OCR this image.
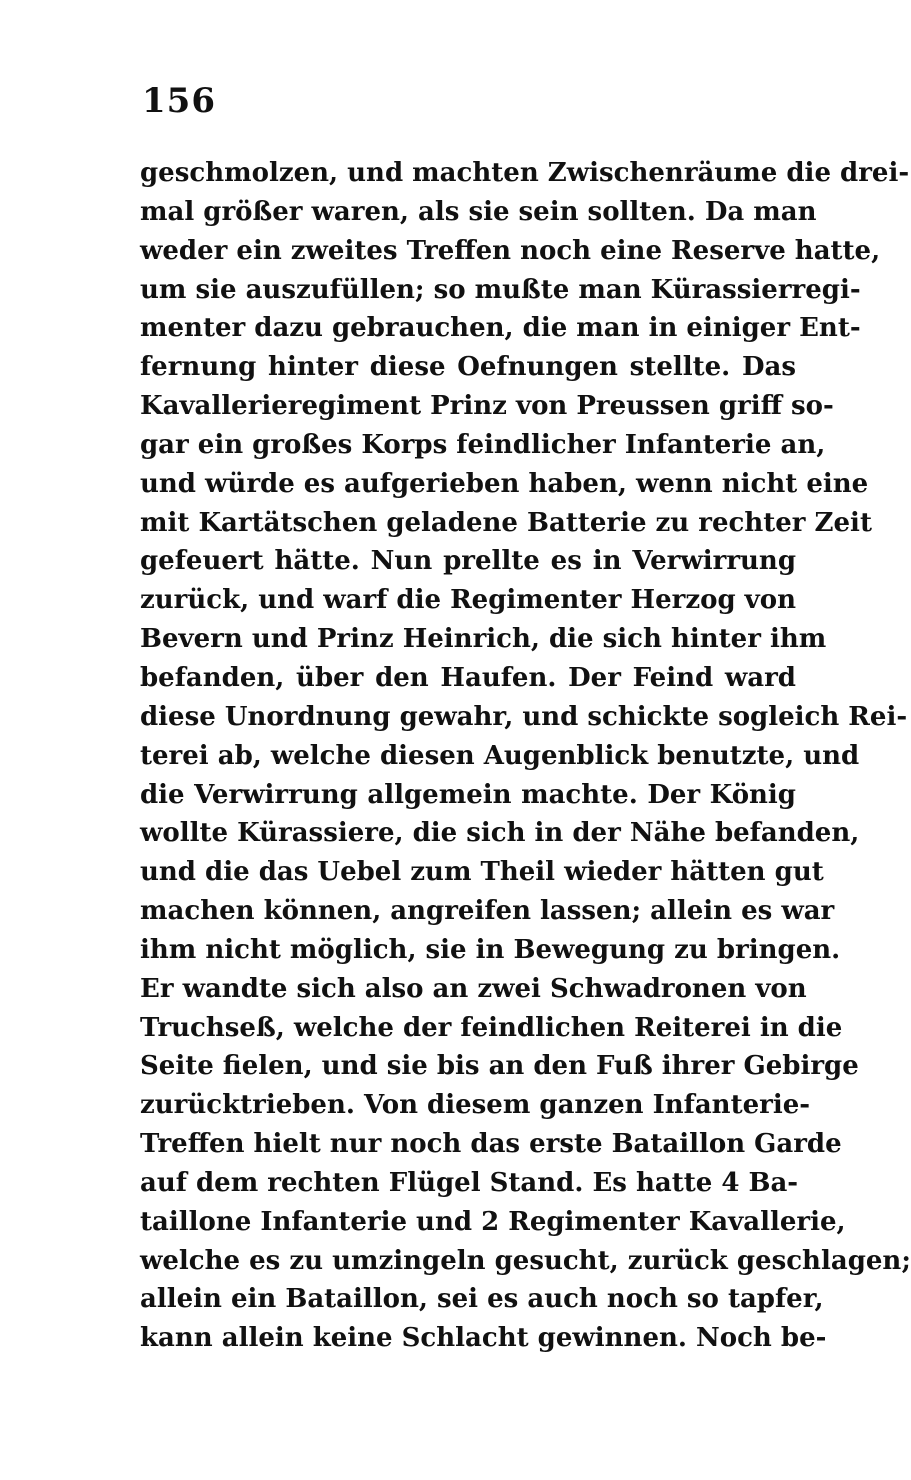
156
geschmolzen, und machten Zwischenräume die drei-
mal größer waren, als sie sein sollten. Da man
weder ein zweites Treffen noch eine Reserve hatte,
um sie auszufüllen; so mußte man Kürassierregi-
menter dazu gebrauchen, die man in einiger Ent-
fernung hinter diese Oefnungen stellte. Das
Kavallerieregiment Prinz von Preussen griff so-
gar ein großes Korps feindlicher Infanterie an,
und würde es aufgerieben haben, wenn nicht eine
mit Kartätschen geladene Batterie zu rechter Zeit
gefeuert hätte. Nun prellte es in Verwirrung
zurück, und warf die Regimenter Herzog von
Bevern und Prinz Heinrich, die sich hinter ihm
befanden, über den Haufen. Der Feind ward
diese Unordnung gewahr, und schickte sogleich Rei-
terei ab, welche diesen Augenblick benutzte, und
die Verwirrung allgemein machte. Der König
wollte Kürassiere, die sich in der Nähe befanden,
und die das Uebel zum Theil wieder hätten gut
machen können, angreifen lassen; allein es war
ihm nicht möglich, sie in Bewegung zu bringen.
Er wandte sich also an zwei Schwadronen von
Truchseß, welche der feindlichen Reiterei in die
Seite fielen, und sie bis an den Fuß ihrer Gebirge
zurücktrieben. Von diesem ganzen Infanterie-
Treffen hielt nur noch das erste Bataillon Garde
auf dem rechten Flügel Stand. Es hatte 4 Ba-
taillone Infanterie und 2 Regimenter Kavallerie,
welche es zu umzingeln gesucht, zurück geschlagen;
allein ein Bataillon, sei es auch noch so tapfer,
kann allein keine Schlacht gewinnen. Noch be-
